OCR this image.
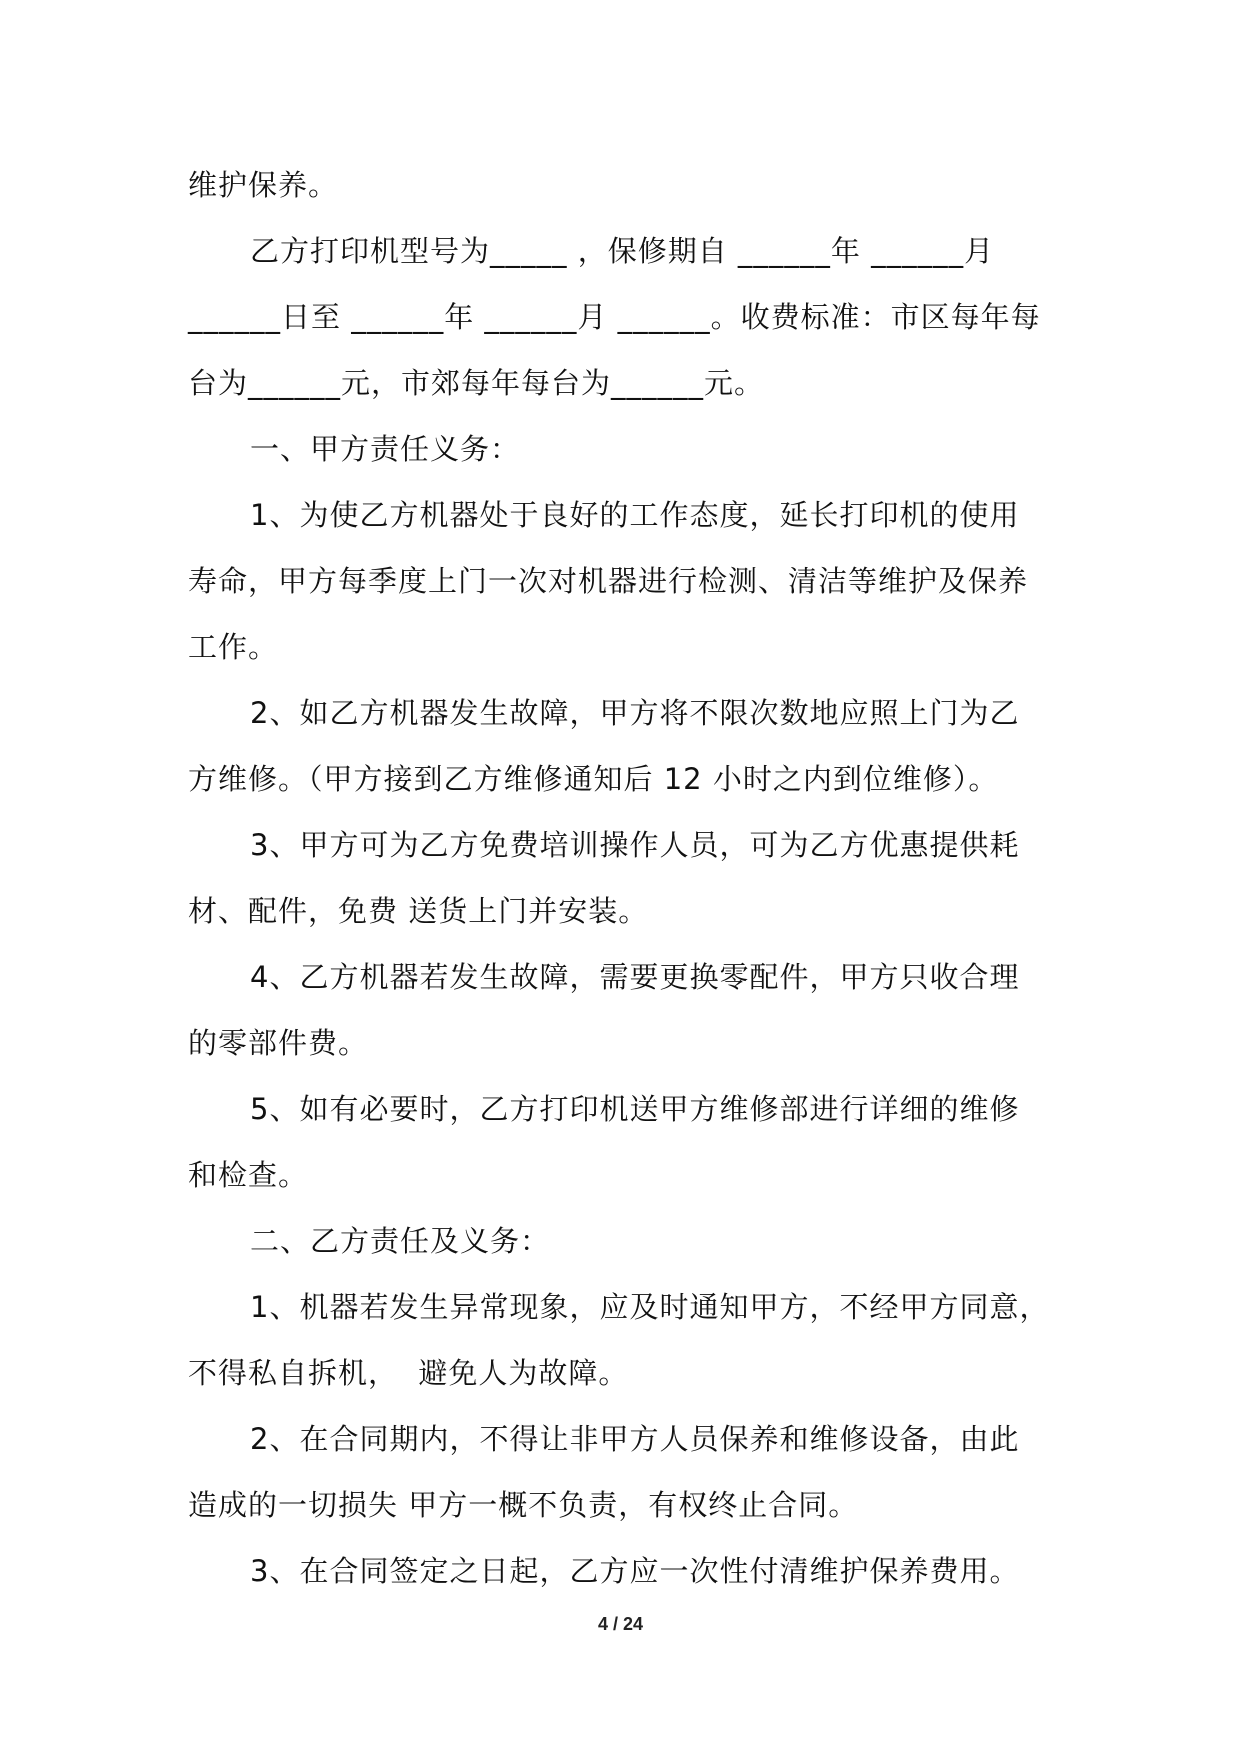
维护保养。
乙方打印机型号为_____ ，保修期自 ______年 ______月
______日至 ______年 ______月 ______。收费标准：市区每年每
台为______元，市郊每年每台为______元。
一、甲方责任义务：
1、为使乙方机器处于良好的工作态度，延长打印机的使用
寿命，甲方每季度上门一次对机器进行检测、清洁等维护及保养
工作。
2、如乙方机器发生故障，甲方将不限次数地应照上门为乙
方维修。（甲方接到乙方维修通知后 12 小时之内到位维修）。
3、甲方可为乙方免费培训操作人员，可为乙方优惠提供耗
材、配件，免费 送货上门并安装。
4、乙方机器若发生故障，需要更换零配件，甲方只收合理
的零部件费。
5、如有必要时，乙方打印机送甲方维修部进行详细的维修
和检查。
二、乙方责任及义务：
1、机器若发生异常现象，应及时通知甲方，不经甲方同意，
不得私自拆机，  避免人为故障。
2、在合同期内，不得让非甲方人员保养和维修设备，由此
造成的一切损失 甲方一概不负责，有权终止合同。
3、在合同签定之日起，乙方应一次性付清维护保养费用。
4 / 24
